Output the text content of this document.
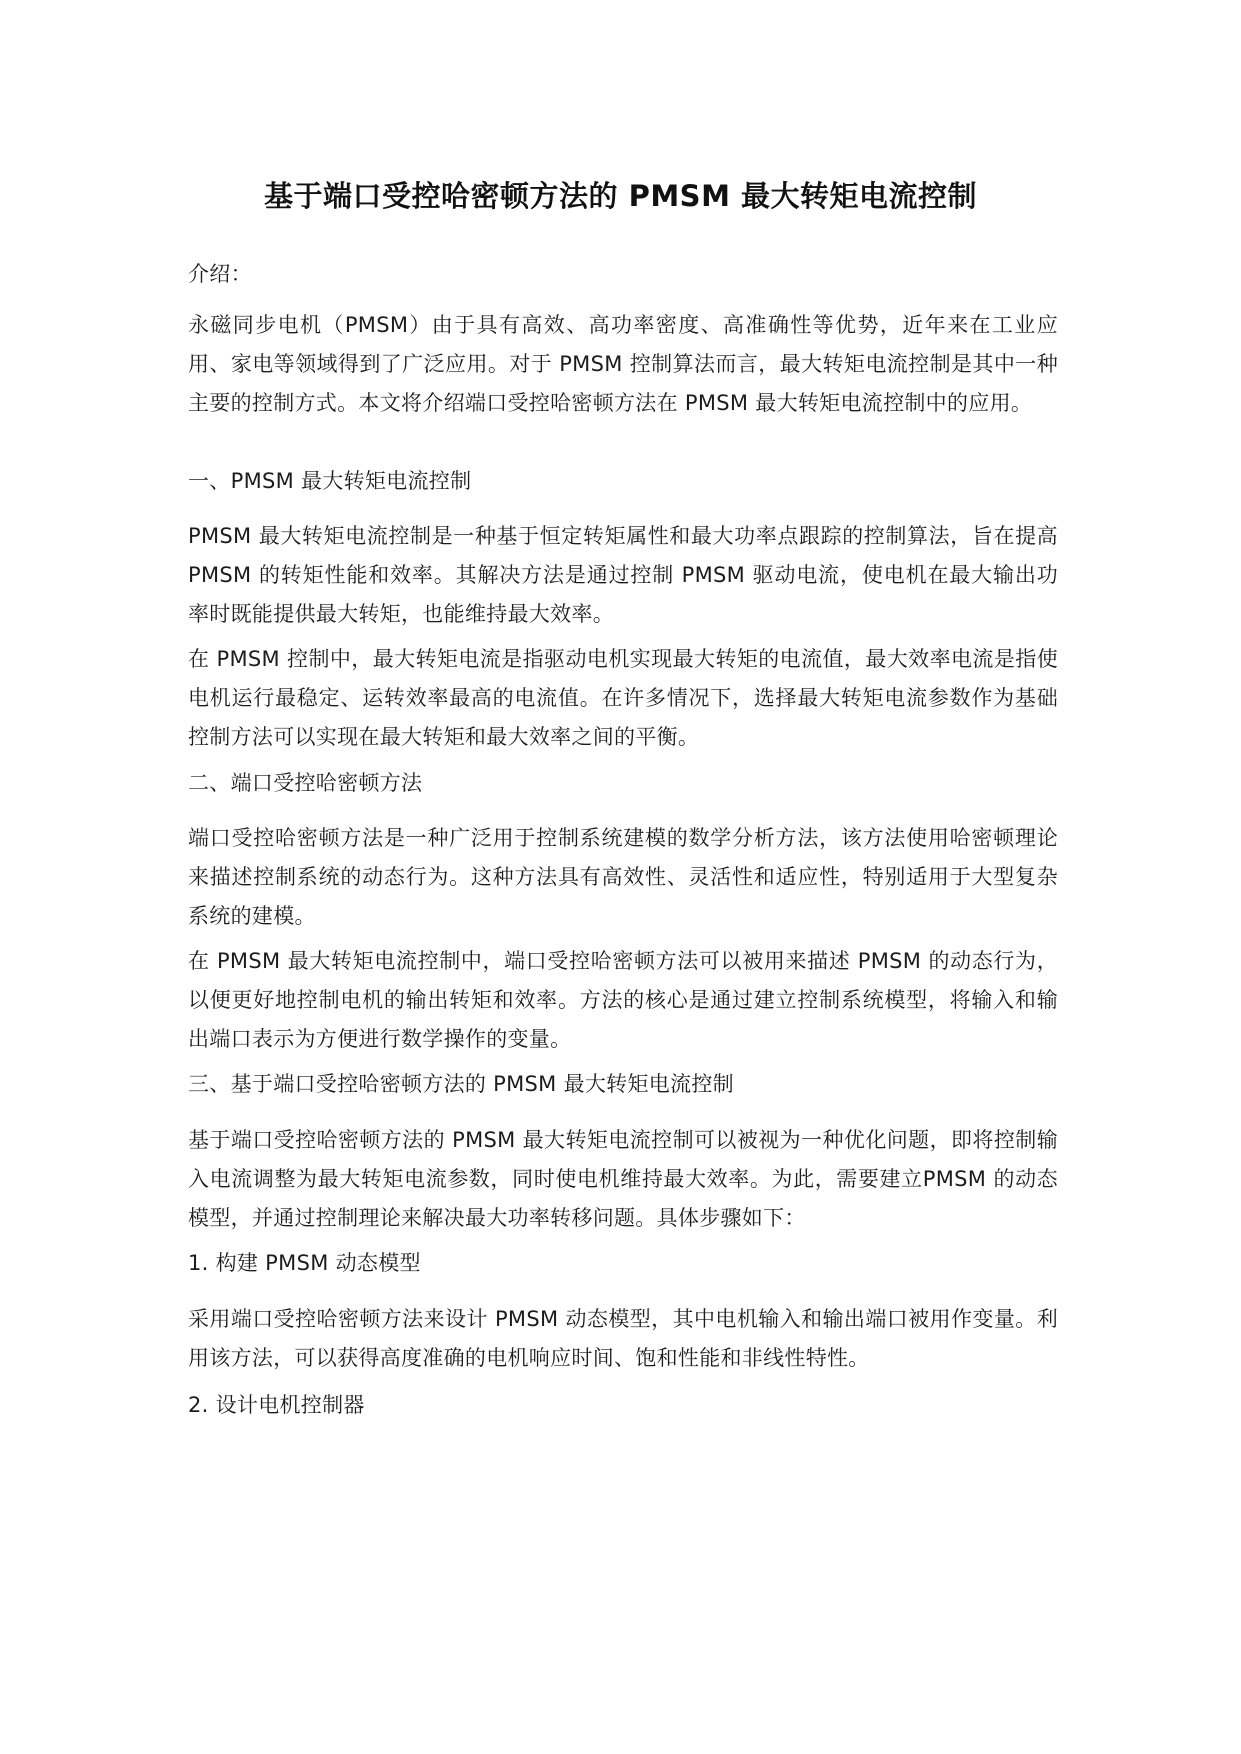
基于端口受控哈密顿方法的 PMSM 最大转矩电流控制
介绍：
永磁同步电机（PMSM）由于具有高效、高功率密度、高准确性等优势，近年来在工业应用、家电等领域得到了广泛应用。对于 PMSM 控制算法而言，最大转矩电流控制是其中一种主要的控制方式。本文将介绍端口受控哈密顿方法在 PMSM 最大转矩电流控制中的应用。
一、PMSM 最大转矩电流控制
PMSM 最大转矩电流控制是一种基于恒定转矩属性和最大功率点跟踪的控制算法，旨在提高 PMSM 的转矩性能和效率。其解决方法是通过控制 PMSM 驱动电流，使电机在最大输出功率时既能提供最大转矩，也能维持最大效率。
在 PMSM 控制中，最大转矩电流是指驱动电机实现最大转矩的电流值，最大效率电流是指使电机运行最稳定、运转效率最高的电流值。在许多情况下，选择最大转矩电流参数作为基础控制方法可以实现在最大转矩和最大效率之间的平衡。
二、端口受控哈密顿方法
端口受控哈密顿方法是一种广泛用于控制系统建模的数学分析方法，该方法使用哈密顿理论来描述控制系统的动态行为。这种方法具有高效性、灵活性和适应性，特别适用于大型复杂系统的建模。
在 PMSM 最大转矩电流控制中，端口受控哈密顿方法可以被用来描述 PMSM 的动态行为，以便更好地控制电机的输出转矩和效率。方法的核心是通过建立控制系统模型，将输入和输出端口表示为方便进行数学操作的变量。
三、基于端口受控哈密顿方法的 PMSM 最大转矩电流控制
基于端口受控哈密顿方法的 PMSM 最大转矩电流控制可以被视为一种优化问题，即将控制输入电流调整为最大转矩电流参数，同时使电机维持最大效率。为此，需要建立PMSM 的动态模型，并通过控制理论来解决最大功率转移问题。具体步骤如下：
1. 构建 PMSM 动态模型
采用端口受控哈密顿方法来设计 PMSM 动态模型，其中电机输入和输出端口被用作变量。利用该方法，可以获得高度准确的电机响应时间、饱和性能和非线性特性。
2. 设计电机控制器
